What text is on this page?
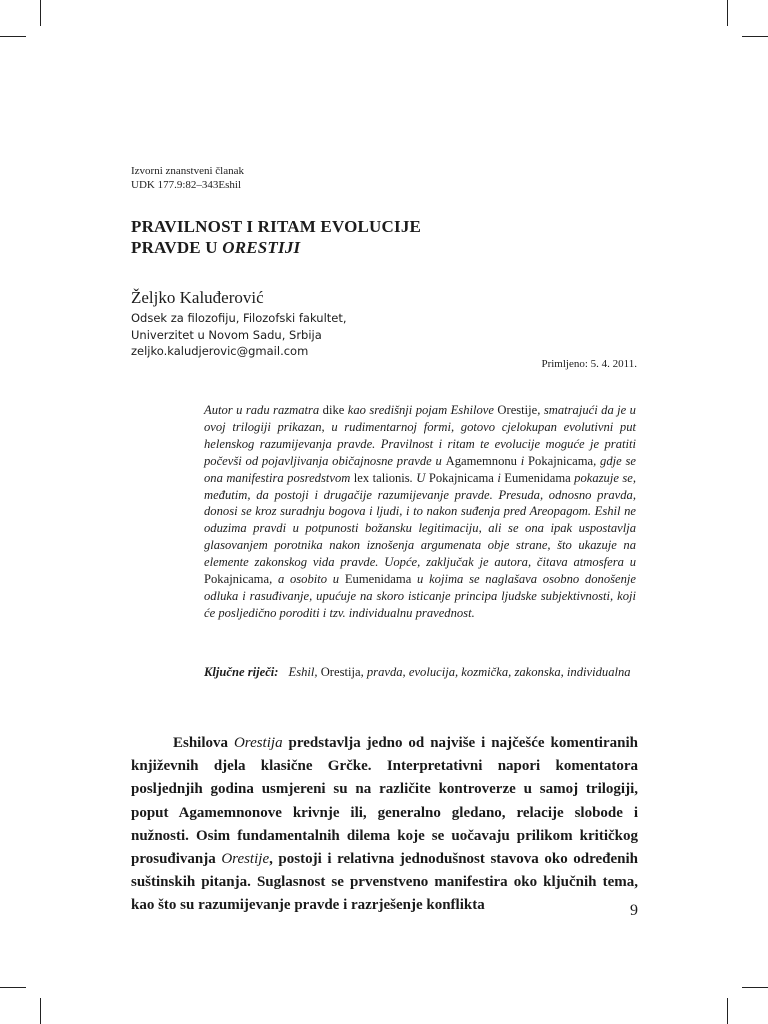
Izvorni znanstveni članak
UDK 177.9:82–343Eshil
PRAVILNOST I RITAM EVOLUCIJE
PRAVDE U ORESTIJI
Željko Kaluđerović
Odsek za filozofiju, Filozofski fakultet,
Univerzitet u Novom Sadu, Srbija
zeljko.kaludjerovic@gmail.com
Primljeno: 5. 4. 2011.
Autor u radu razmatra dike kao središnji pojam Eshilove Orestije, smatrajući da je u ovoj trilogiji prikazan, u rudimentarnoj formi, gotovo cjelokupan evolutivni put helenskog razumijevanja pravde. Pravilnost i ritam te evolucije moguće je pratiti počevši od pojavljivanja običajnosne pravde u Agamemnonu i Pokajnicama, gdje se ona manifestira posredstvom lex talionis. U Pokajnicama i Eumenidama pokazuje se, međutim, da postoji i drugačije razumijevanje pravde. Presuda, odnosno pravda, donosi se kroz suradnju bogova i ljudi, i to nakon suđenja pred Areopagom. Eshil ne oduzima pravdi u potpunosti božansku legitimaciju, ali se ona ipak uspostavlja glasovanjem porotnika nakon iznošenja argumenata obje strane, što ukazuje na elemente zakonskog vida pravde. Uopće, zaključak je autora, čitava atmosfera u Pokajnicama, a osobito u Eumenidama u kojima se naglašava osobno donošenje odluka i rasuđivanje, upućuje na skoro isticanje principa ljudske subjektivnosti, koji će posljedično poroditi i tzv. individualnu pravednost.
Ključne riječi: Eshil, Orestija, pravda, evolucija, kozmička, zakonska, individualna
Eshilova Orestija predstavlja jedno od najviše i najčešće komentiranih književnih djela klasične Grčke. Interpretativni napori komentatora posljednjih godina usmjereni su na različite kontroverze u samoj trilogiji, poput Agamemnonove krivnje ili, generalno gledano, relacije slobode i nužnosti. Osim fundamentalnih dilema koje se uočavaju prilikom kritičkog prosuđivanja Orestije, postoji i relativna jednodušnost stavova oko određenih suštinskih pitanja. Suglasnost se prvenstveno manifestira oko ključnih tema, kao što su razumijevanje pravde i razrješenje konflikta	9
